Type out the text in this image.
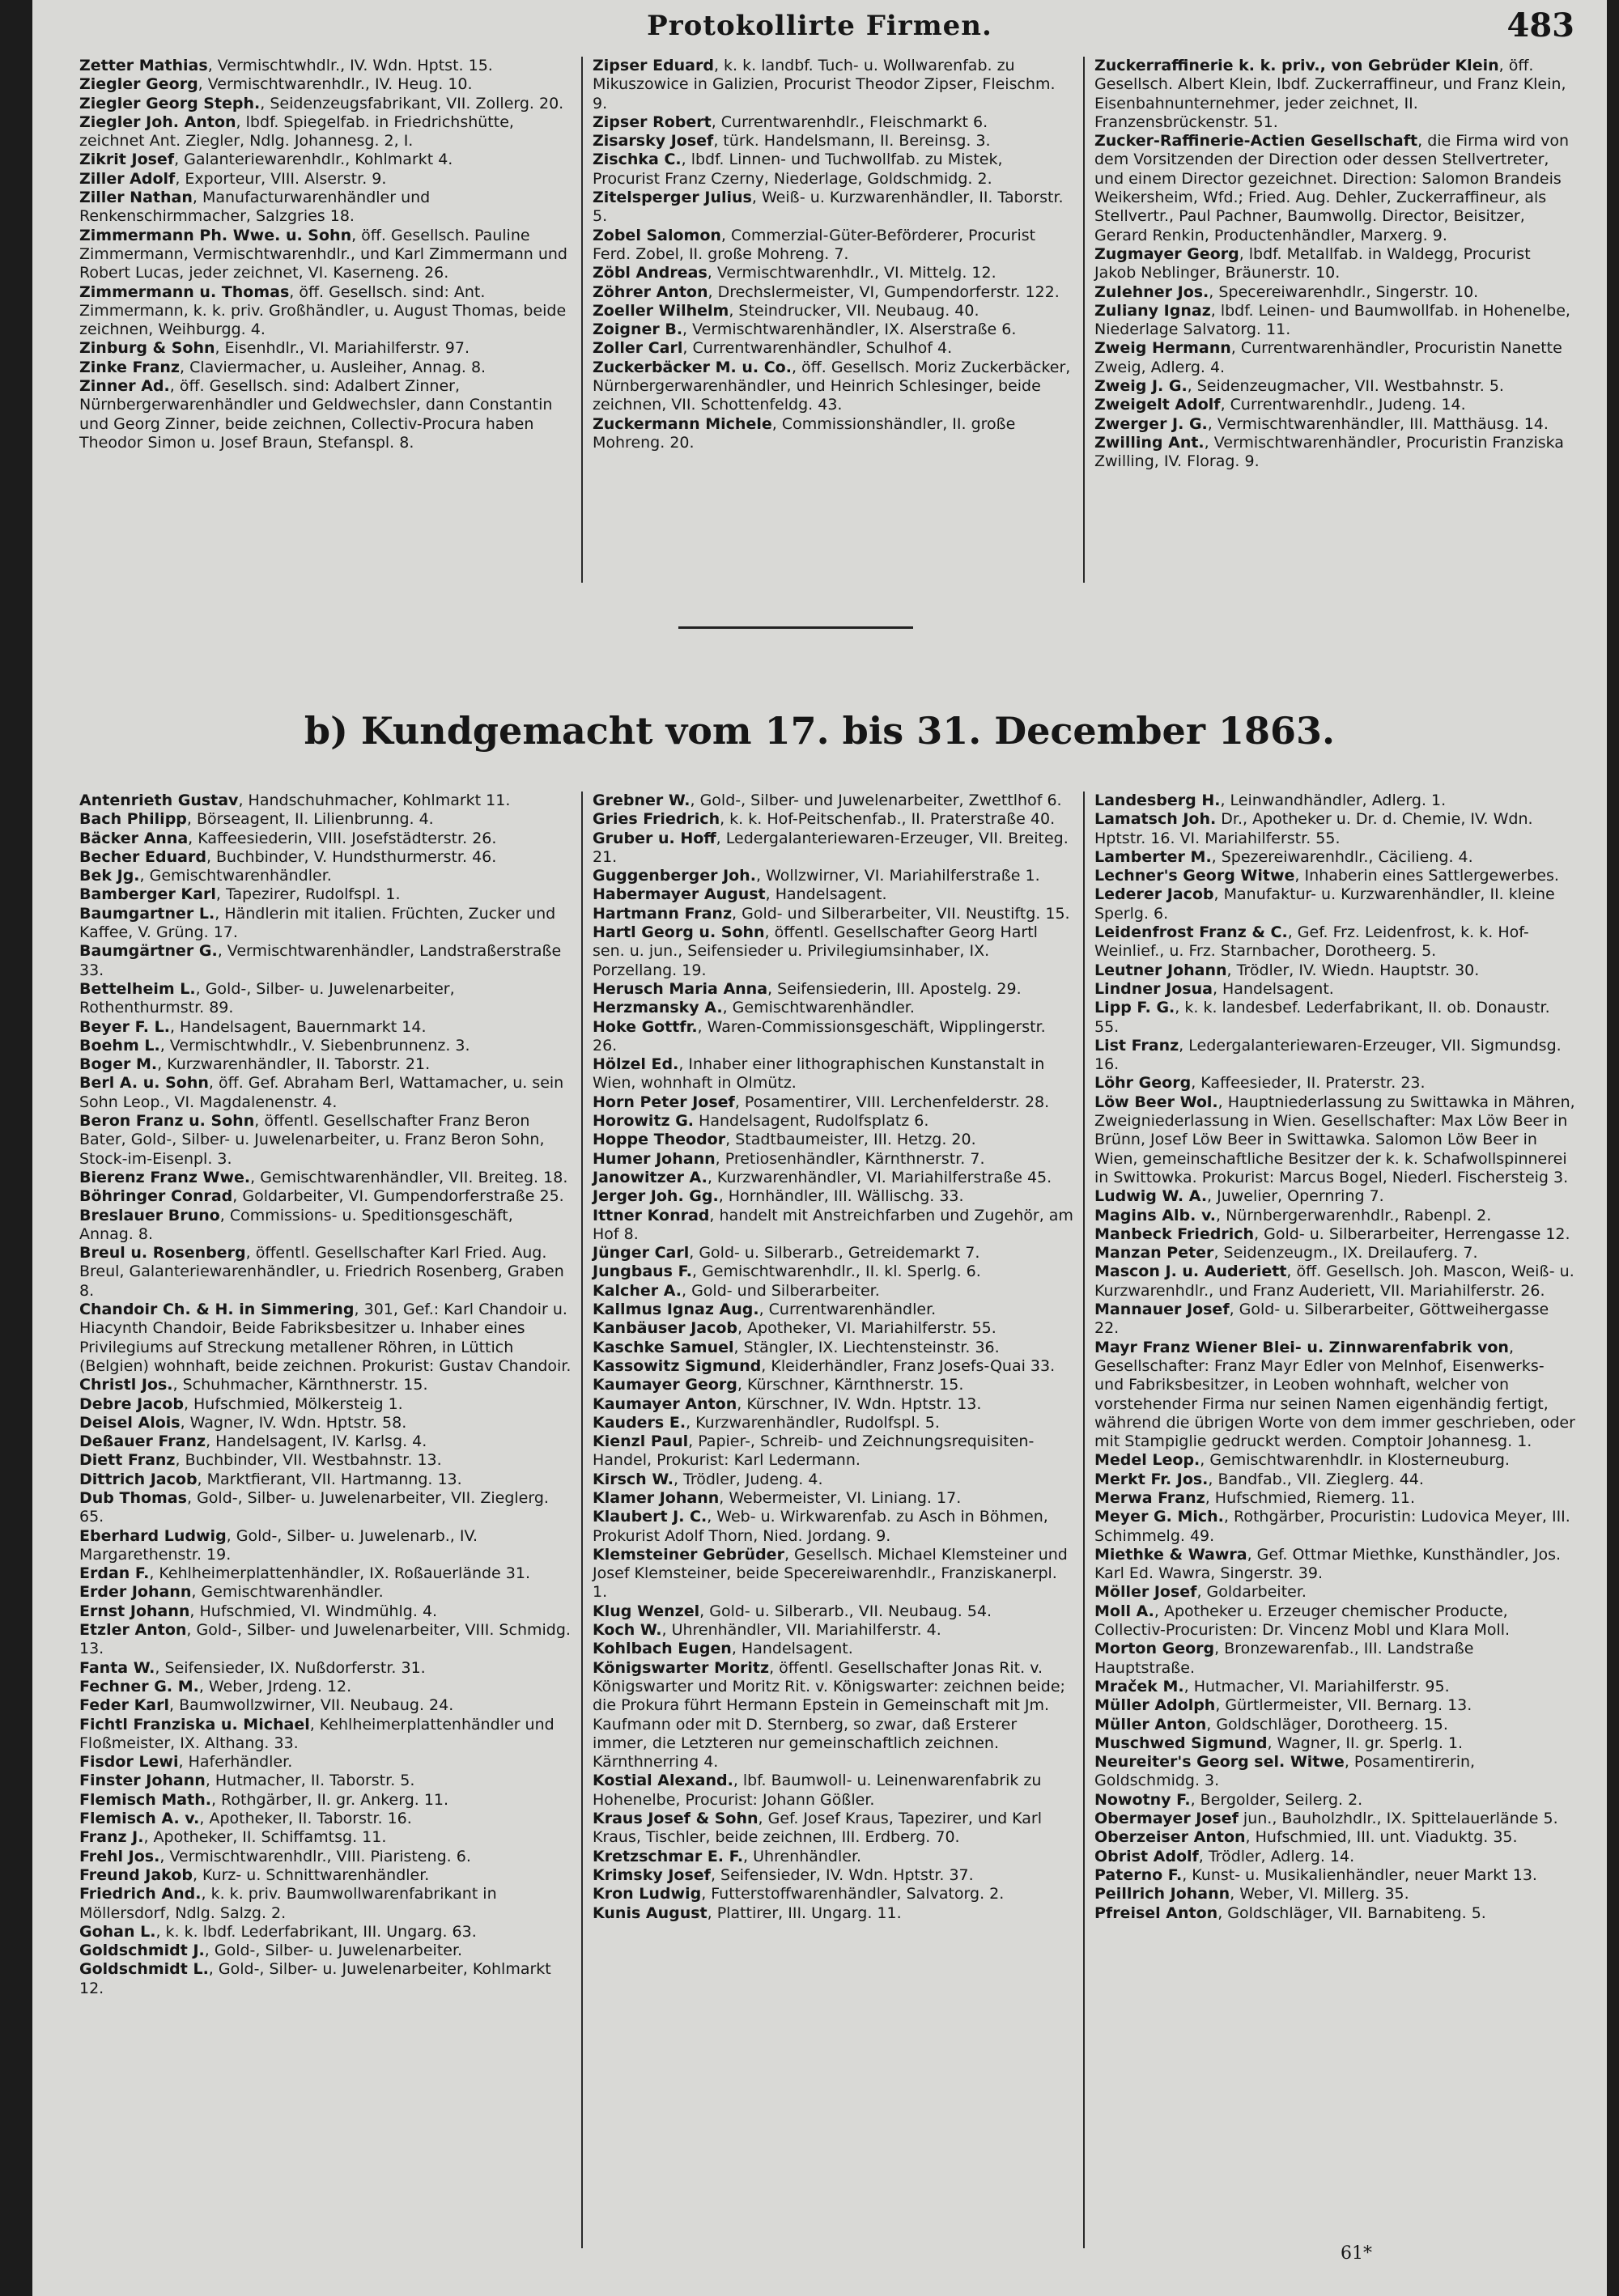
Protokollirte Firmen.	483

Zetter Mathias, Vermischtwhdlr., IV. Wdn. Hptst. 15.

Ziegler Georg, Vermischtwarenhdlr., IV. Heug. 10.

Ziegler Georg Steph., Seidenzeugsfabrikant, VII. Zollerg. 20.

Ziegler Joh. Anton, lbdf. Spiegelfab. in Friedrichshütte, zeichnet Ant. Ziegler, Ndlg. Johannesg. 2, I.

Zikrit Josef, Galanteriewarenhdlr., Kohlmarkt 4.

Ziller Adolf, Exporteur, VIII. Alserstr. 9.

Ziller Nathan, Manufacturwarenhändler und Renkenschirmmacher, Salzgries 18.

Zimmermann Ph. Wwe. u. Sohn, öff. Gesellsch. Pauline Zimmermann, Vermischtwarenhdlr., und Karl Zimmermann und Robert Lucas, jeder zeichnet, VI. Kaserneng. 26.

Zimmermann u. Thomas, öff. Gesellsch. sind: Ant. Zimmermann, k. k. priv. Großhändler, u. August Thomas, beide zeichnen, Weihburgg. 4.

Zinburg & Sohn, Eisenhdlr., VI. Mariahilferstr. 97.

Zinke Franz, Claviermacher, u. Ausleiher, Annag. 8.

Zinner Ad., öff. Gesellsch. sind: Adalbert Zinner, Nürnbergerwarenhändler und Geldwechsler, dann Constantin und Georg Zinner, beide zeichnen, Collectiv-Procura haben Theodor Simon u. Josef Braun, Stefanspl. 8.

Zipser Eduard, k. k. landbf. Tuch- u. Wollwarenfab. zu Mikuszowice in Galizien, Procurist Theodor Zipser, Fleischm. 9.

Zipser Robert, Currentwarenhdlr., Fleischmarkt 6.

Zisarsky Josef, türk. Handelsmann, II. Bereinsg. 3.

Zischka C., lbdf. Linnen- und Tuchwollfab. zu Mistek, Procurist Franz Czerny, Niederlage, Goldschmidg. 2.

Zitelsperger Julius, Weiß- u. Kurzwarenhändler, II. Taborstr. 5.

Zobel Salomon, Commerzial-Güter-Beförderer, Procurist Ferd. Zobel, II. große Mohreng. 7.

Zöbl Andreas, Vermischtwarenhdlr., VI. Mittelg. 12.

Zöhrer Anton, Drechslermeister, VI, Gumpendorferstr. 122.

Zoeller Wilhelm, Steindrucker, VII. Neubaug. 40.

Zoigner B., Vermischtwarenhändler, IX. Alserstraße 6.

Zoller Carl, Currentwarenhändler, Schulhof 4.

Zuckerbäcker M. u. Co., öff. Gesellsch. Moriz Zuckerbäcker, Nürnbergerwarenhändler, und Heinrich Schlesinger, beide zeichnen, VII. Schottenfeldg. 43.

Zuckermann Michele, Commissionshändler, II. große Mohreng. 20.

Zuckerraffinerie k. k. priv., von Gebrüder Klein, öff. Gesellsch. Albert Klein, lbdf. Zuckerraffineur, und Franz Klein, Eisenbahnunternehmer, jeder zeichnet, II. Franzensbrückenstr. 51.

Zucker-Raffinerie-Actien Gesellschaft, die Firma wird von dem Vorsitzenden der Direction oder dessen Stellvertreter, und einem Director gezeichnet. Direction: Salomon Brandeis Weikersheim, Wfd.; Fried. Aug. Dehler, Zuckerraffineur, als Stellvertr., Paul Pachner, Baumwollg. Director, Beisitzer, Gerard Renkin, Productenhändler, Marxerg. 9.

Zugmayer Georg, lbdf. Metallfab. in Waldegg, Procurist Jakob Neblinger, Bräunerstr. 10.

Zulehner Jos., Specereiwarenhdlr., Singerstr. 10.

Zuliany Ignaz, lbdf. Leinen- und Baumwollfab. in Hohenelbe, Niederlage Salvatorg. 11.

Zweig Hermann, Currentwarenhändler, Procuristin Nanette Zweig, Adlerg. 4.

Zweig J. G., Seidenzeugmacher, VII. Westbahnstr. 5.

Zweigelt Adolf, Currentwarenhdlr., Judeng. 14.

Zwerger J. G., Vermischtwarenhändler, III. Matthäusg. 14.

Zwilling Ant., Vermischtwarenhändler, Procuristin Franziska Zwilling, IV. Florag. 9.

b) Kundgemacht vom 17. bis 31. December 1863.

Antenrieth Gustav, Handschuhmacher, Kohlmarkt 11.

Bach Philipp, Börseagent, II. Lilienbrunng. 4.

Bäcker Anna, Kaffeesiederin, VIII. Josefstädterstr. 26.

Becher Eduard, Buchbinder, V. Hundsthurmerstr. 46.

Bek Jg., Gemischtwarenhändler.

Bamberger Karl, Tapezirer, Rudolfspl. 1.

Baumgartner L., Händlerin mit italien. Früchten, Zucker und Kaffee, V. Grüng. 17.

Baumgärtner G., Vermischtwarenhändler, Landstraßerstraße 33.

Bettelheim L., Gold-, Silber- u. Juwelenarbeiter, Rothenthurmstr. 89.

Beyer F. L., Handelsagent, Bauernmarkt 14.

Boehm L., Vermischtwhdlr., V. Siebenbrunnenz. 3.

Boger M., Kurzwarenhändler, II. Taborstr. 21.

Berl A. u. Sohn, öff. Gef. Abraham Berl, Wattamacher, u. sein Sohn Leop., VI. Magdalenenstr. 4.

Beron Franz u. Sohn, öffentl. Gesellschafter Franz Beron Bater, Gold-, Silber- u. Juwelenarbeiter, u. Franz Beron Sohn, Stock-im-Eisenpl. 3.

Bierenz Franz Wwe., Gemischtwarenhändler, VII. Breiteg. 18.

Böhringer Conrad, Goldarbeiter, VI. Gumpendorferstraße 25.

Breslauer Bruno, Commissions- u. Speditionsgeschäft, Annag. 8.

Breul u. Rosenberg, öffentl. Gesellschafter Karl Fried. Aug. Breul, Galanteriewarenhändler, u. Friedrich Rosenberg, Graben 8.

Chandoir Ch. & H. in Simmering, 301, Gef.: Karl Chandoir u. Hiacynth Chandoir, Beide Fabriksbesitzer u. Inhaber eines Privilegiums auf Streckung metallener Röhren, in Lüttich (Belgien) wohnhaft, beide zeichnen. Prokurist: Gustav Chandoir.

Christl Jos., Schuhmacher, Kärnthnerstr. 15.

Debre Jacob, Hufschmied, Mölkersteig 1.

Deisel Alois, Wagner, IV. Wdn. Hptstr. 58.

Deßauer Franz, Handelsagent, IV. Karlsg. 4.

Diett Franz, Buchbinder, VII. Westbahnstr. 13.

Dittrich Jacob, Marktfierant, VII. Hartmanng. 13.

Dub Thomas, Gold-, Silber- u. Juwelenarbeiter, VII. Zieglerg. 65.

Eberhard Ludwig, Gold-, Silber- u. Juwelenarb., IV. Margarethenstr. 19.

Erdan F., Kehlheimerplattenhändler, IX. Roßauerlände 31.

Erder Johann, Gemischtwarenhändler.

Ernst Johann, Hufschmied, VI. Windmühlg. 4.

Etzler Anton, Gold-, Silber- und Juwelenarbeiter, VIII. Schmidg. 13.

Fanta W., Seifensieder, IX. Nußdorferstr. 31.

Fechner G. M., Weber, Jrdeng. 12.

Feder Karl, Baumwollzwirner, VII. Neubaug. 24.

Fichtl Franziska u. Michael, Kehlheimerplattenhändler und Floßmeister, IX. Althang. 33.

Fisdor Lewi, Haferhändler.

Finster Johann, Hutmacher, II. Taborstr. 5.

Flemisch Math., Rothgärber, II. gr. Ankerg. 11.

Flemisch A. v., Apotheker, II. Taborstr. 16.

Franz J., Apotheker, II. Schiffamtsg. 11.

Frehl Jos., Vermischtwarenhdlr., VIII. Piaristeng. 6.

Freund Jakob, Kurz- u. Schnittwarenhändler.

Friedrich And., k. k. priv. Baumwollwarenfabrikant in Möllersdorf, Ndlg. Salzg. 2.

Gohan L., k. k. lbdf. Lederfabrikant, III. Ungarg. 63.

Goldschmidt J., Gold-, Silber- u. Juwelenarbeiter.

Goldschmidt L., Gold-, Silber- u. Juwelenarbeiter, Kohlmarkt 12.

Grebner W., Gold-, Silber- und Juwelenarbeiter, Zwettlhof 6.

Gries Friedrich, k. k. Hof-Peitschenfab., II. Praterstraße 40.

Gruber u. Hoff, Ledergalanteriewaren-Erzeuger, VII. Breiteg. 21.

Guggenberger Joh., Wollzwirner, VI. Mariahilferstraße 1.

Habermayer August, Handelsagent.

Hartmann Franz, Gold- und Silberarbeiter, VII. Neustiftg. 15.

Hartl Georg u. Sohn, öffentl. Gesellschafter Georg Hartl sen. u. jun., Seifensieder u. Privilegiumsinhaber, IX. Porzellang. 19.

Herusch Maria Anna, Seifensiederin, III. Apostelg. 29.

Herzmansky A., Gemischtwarenhändler.

Hoke Gottfr., Waren-Commissionsgeschäft, Wipplingerstr. 26.

Hölzel Ed., Inhaber einer lithographischen Kunstanstalt in Wien, wohnhaft in Olmütz.

Horn Peter Josef, Posamentirer, VIII. Lerchenfelderstr. 28.

Horowitz G. Handelsagent, Rudolfsplatz 6.

Hoppe Theodor, Stadtbaumeister, III. Hetzg. 20.

Humer Johann, Pretiosenhändler, Kärnthnerstr. 7.

Janowitzer A., Kurzwarenhändler, VI. Mariahilferstraße 45.

Jerger Joh. Gg., Hornhändler, III. Wällischg. 33.

Ittner Konrad, handelt mit Anstreichfarben und Zugehör, am Hof 8.

Jünger Carl, Gold- u. Silberarb., Getreidemarkt 7.

Jungbaus F., Gemischtwarenhdlr., II. kl. Sperlg. 6.

Kalcher A., Gold- und Silberarbeiter.

Kallmus Ignaz Aug., Currentwarenhändler.

Kanbäuser Jacob, Apotheker, VI. Mariahilferstr. 55.

Kaschke Samuel, Stängler, IX. Liechtensteinstr. 36.

Kassowitz Sigmund, Kleiderhändler, Franz Josefs-Quai 33.

Kaumayer Georg, Kürschner, Kärnthnerstr. 15.

Kaumayer Anton, Kürschner, IV. Wdn. Hptstr. 13.

Kauders E., Kurzwarenhändler, Rudolfspl. 5.

Kienzl Paul, Papier-, Schreib- und Zeichnungsrequisiten-Handel, Prokurist: Karl Ledermann.

Kirsch W., Trödler, Judeng. 4.

Klamer Johann, Webermeister, VI. Liniang. 17.

Klaubert J. C., Web- u. Wirkwarenfab. zu Asch in Böhmen, Prokurist Adolf Thorn, Nied. Jordang. 9.

Klemsteiner Gebrüder, Gesellsch. Michael Klemsteiner und Josef Klemsteiner, beide Specereiwarenhdlr., Franziskanerpl. 1.

Klug Wenzel, Gold- u. Silberarb., VII. Neubaug. 54.

Koch W., Uhrenhändler, VII. Mariahilferstr. 4.

Kohlbach Eugen, Handelsagent.

Königswarter Moritz, öffentl. Gesellschafter Jonas Rit. v. Königswarter und Moritz Rit. v. Königswarter: zeichnen beide; die Prokura führt Hermann Epstein in Gemeinschaft mit Jm. Kaufmann oder mit D. Sternberg, so zwar, daß Ersterer immer, die Letzteren nur gemeinschaftlich zeichnen. Kärnthnerring 4.

Kostial Alexand., lbf. Baumwoll- u. Leinenwarenfabrik zu Hohenelbe, Procurist: Johann Gößler.

Kraus Josef & Sohn, Gef. Josef Kraus, Tapezirer, und Karl Kraus, Tischler, beide zeichnen, III. Erdberg. 70.

Kretzschmar E. F., Uhrenhändler.

Krimsky Josef, Seifensieder, IV. Wdn. Hptstr. 37.

Kron Ludwig, Futterstoffwarenhändler, Salvatorg. 2.

Kunis August, Plattirer, III. Ungarg. 11.

Landesberg H., Leinwandhändler, Adlerg. 1.

Lamatsch Joh. Dr., Apotheker u. Dr. d. Chemie, IV. Wdn. Hptstr. 16. VI. Mariahilferstr. 55.

Lamberter M., Spezereiwarenhdlr., Cäcilieng. 4.

Lechner's Georg Witwe, Inhaberin eines Sattlergewerbes.

Lederer Jacob, Manufaktur- u. Kurzwarenhändler, II. kleine Sperlg. 6.

Leidenfrost Franz & C., Gef. Frz. Leidenfrost, k. k. Hof-Weinlief., u. Frz. Starnbacher, Dorotheerg. 5.

Leutner Johann, Trödler, IV. Wiedn. Hauptstr. 30.

Lindner Josua, Handelsagent.

Lipp F. G., k. k. landesbef. Lederfabrikant, II. ob. Donaustr. 55.

List Franz, Ledergalanteriewaren-Erzeuger, VII. Sigmundsg. 16.

Löhr Georg, Kaffeesieder, II. Praterstr. 23.

Löw Beer Wol., Hauptniederlassung zu Swittawka in Mähren, Zweigniederlassung in Wien. Gesellschafter: Max Löw Beer in Brünn, Josef Löw Beer in Swittawka. Salomon Löw Beer in Wien, gemeinschaftliche Besitzer der k. k. Schafwollspinnerei in Swittowka. Prokurist: Marcus Bogel, Niederl. Fischersteig 3.

Ludwig W. A., Juwelier, Opernring 7.

Magins Alb. v., Nürnbergerwarenhdlr., Rabenpl. 2.

Manbeck Friedrich, Gold- u. Silberarbeiter, Herrengasse 12.

Manzan Peter, Seidenzeugm., IX. Dreilauferg. 7.

Mascon J. u. Auderiett, öff. Gesellsch. Joh. Mascon, Weiß- u. Kurzwarenhdlr., und Franz Auderiett, VII. Mariahilferstr. 26.

Mannauer Josef, Gold- u. Silberarbeiter, Göttweihergasse 22.

Mayr Franz Wiener Blei- u. Zinnwarenfabrik von, Gesellschafter: Franz Mayr Edler von Melnhof, Eisenwerks- und Fabriksbesitzer, in Leoben wohnhaft, welcher von vorstehender Firma nur seinen Namen eigenhändig fertigt, während die übrigen Worte von dem immer geschrieben, oder mit Stampiglie gedruckt werden. Comptoir Johannesg. 1.

Medel Leop., Gemischtwarenhdlr. in Klosterneuburg.

Merkt Fr. Jos., Bandfab., VII. Zieglerg. 44.

Merwa Franz, Hufschmied, Riemerg. 11.

Meyer G. Mich., Rothgärber, Procuristin: Ludovica Meyer, III. Schimmelg. 49.

Miethke & Wawra, Gef. Ottmar Miethke, Kunsthändler, Jos. Karl Ed. Wawra, Singerstr. 39.

Möller Josef, Goldarbeiter.

Moll A., Apotheker u. Erzeuger chemischer Producte, Collectiv-Procuristen: Dr. Vincenz Mobl und Klara Moll.

Morton Georg, Bronzewarenfab., III. Landstraße Hauptstraße.

Mraček M., Hutmacher, VI. Mariahilferstr. 95.

Müller Adolph, Gürtlermeister, VII. Bernarg. 13.

Müller Anton, Goldschläger, Dorotheerg. 15.

Muschwed Sigmund, Wagner, II. gr. Sperlg. 1.

Neureiter's Georg sel. Witwe, Posamentirerin, Goldschmidg. 3.

Nowotny F., Bergolder, Seilerg. 2.

Obermayer Josef jun., Bauholzhdlr., IX. Spittelauerlände 5.

Oberzeiser Anton, Hufschmied, III. unt. Viaduktg. 35.

Obrist Adolf, Trödler, Adlerg. 14.

Paterno F., Kunst- u. Musikalienhändler, neuer Markt 13.

Peillrich Johann, Weber, VI. Millerg. 35.

Pfreisel Anton, Goldschläger, VII. Barnabiteng. 5.

61*
